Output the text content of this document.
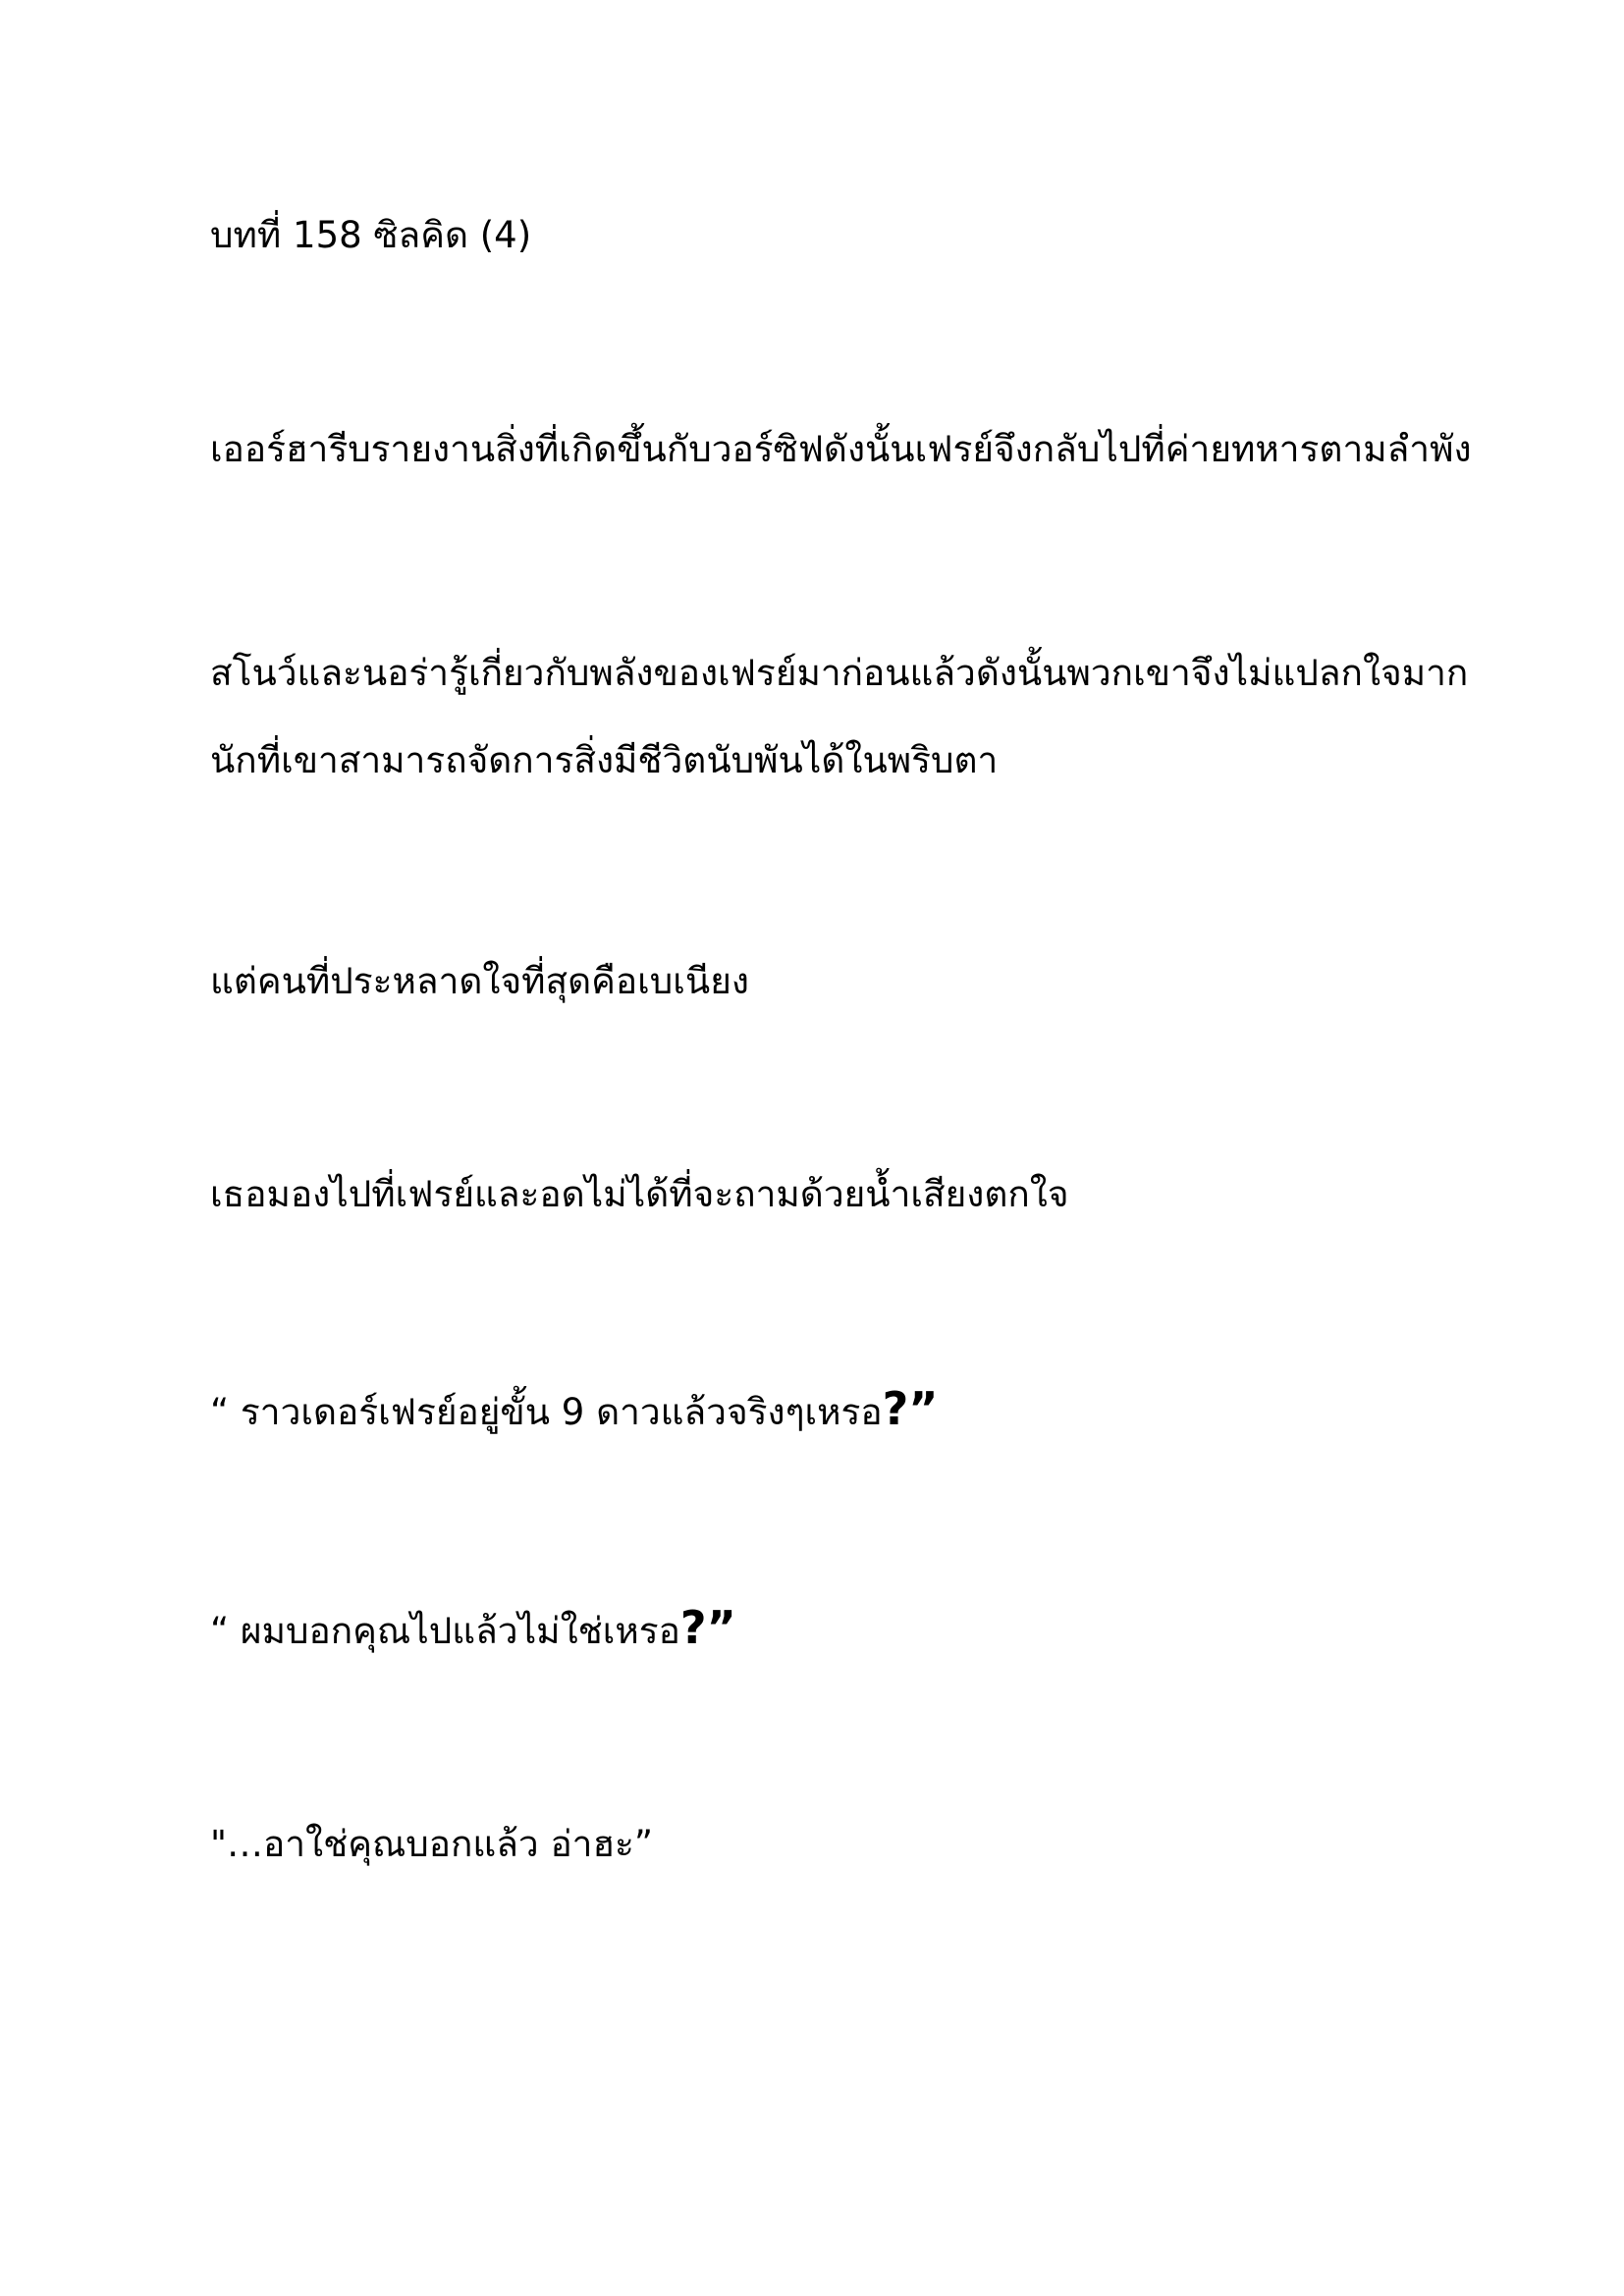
บทที่ 158 ซิลคิด (4)

เออร์ฮารีบรายงานสิ่งที่เกิดขึ้นกับวอร์ซิฟดังนั้นเฟรย์จึงกลับไปที่ค่ายทหารตามลำพัง

สโนว์และนอร่ารู้เกี่ยวกับพลังของเฟรย์มาก่อนแล้วดังนั้นพวกเขาจึงไม่แปลกใจมาก

นักที่เขาสามารถจัดการสิ่งมีชีวิตนับพันได้ในพริบตา

แต่คนที่ประหลาดใจที่สุดคือเบเนียง

เธอมองไปที่เฟรย์และอดไม่ได้ที่จะถามด้วยน้ำเสียงตกใจ

“ ราวเดอร์เฟรย์อยู่ขั้น 9 ดาวแล้วจริงๆเหรอ?”

“ ผมบอกคุณไปแล้วไม่ใช่เหรอ?”

"…อาใช่คุณบอกแล้ว อ่าฮะ”
